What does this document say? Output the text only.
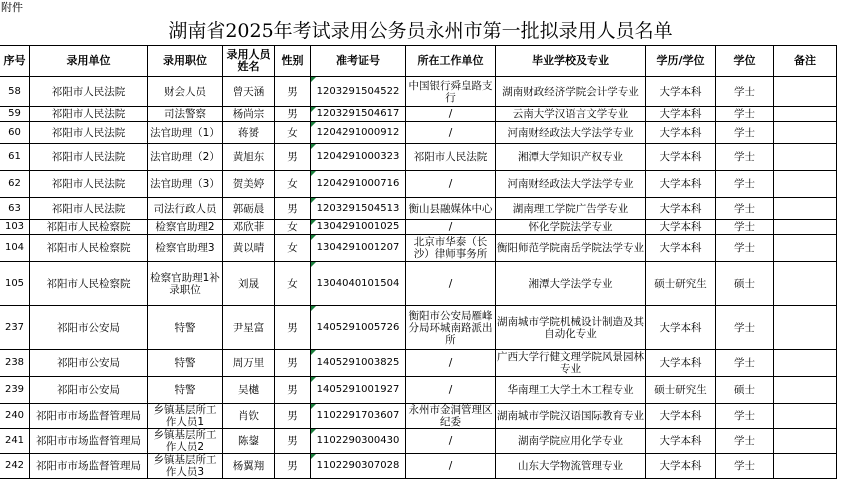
附件
湖南省2025年考试录用公务员永州市第一批拟录用人员名单
序号	录用单位	录用职位	录用人员姓名	性别	准考证号	所在工作单位	毕业学校及专业	学历/学位	学位	备注
58	祁阳市人民法院	财会人员	曾天涵	男	1203291504522	中国银行舜皇路支行	湖南财政经济学院会计学专业	大学本科	学士	
59	祁阳市人民法院	司法警察	杨尚宗	男	1203291504617	/	云南大学汉语言文学专业	大学本科	学士	
60	祁阳市人民法院	法官助理（1）	蒋赟	女	1204291000912	/	河南财经政法大学法学专业	大学本科	学士	
61	祁阳市人民法院	法官助理（2）	黄旭东	男	1204291000323	祁阳市人民法院	湘潭大学知识产权专业	大学本科	学士	
62	祁阳市人民法院	法官助理（3）	贺美婷	女	1204291000716	/	河南财经政法大学法学专业	大学本科	学士	
63	祁阳市人民法院	司法行政人员	郭砺晨	男	1203291504513	衡山县融媒体中心	湖南理工学院广告学专业	大学本科	学士	
103	祁阳市人民检察院	检察官助理2	邓欣菲	女	1304291001025	/	怀化学院法学专业	大学本科	学士	
104	祁阳市人民检察院	检察官助理3	黄以晴	女	1304291001207	北京市华泰（长沙）律师事务所	衡阳师范学院南岳学院法学专业	大学本科	学士	
105	祁阳市人民检察院	检察官助理1补录职位	刘晟	女	1304040101504	/	湘潭大学法学专业	硕士研究生	硕士	
237	祁阳市公安局	特警	尹星富	男	1405291005726	衡阳市公安局雁峰分局环城南路派出所	湖南城市学院机械设计制造及其自动化专业	大学本科	学士	
238	祁阳市公安局	特警	周万里	男	1405291003825	/	广西大学行健文理学院风景园林专业	大学本科	学士	
239	祁阳市公安局	特警	吴樾	男	1405291001927	/	华南理工大学土木工程专业	硕士研究生	硕士	
240	祁阳市市场监督管理局	乡镇基层所工作人员1	肖钦	男	1102291703607	永州市金洞管理区纪委	湖南城市学院汉语国际教育专业	大学本科	学士	
241	祁阳市市场监督管理局	乡镇基层所工作人员2	陈鋆	男	1102290300430	/	湖南学院应用化学专业	大学本科	学士	
242	祁阳市市场监督管理局	乡镇基层所工作人员3	杨翼翔	男	1102290307028	/	山东大学物流管理专业	大学本科	学士	
